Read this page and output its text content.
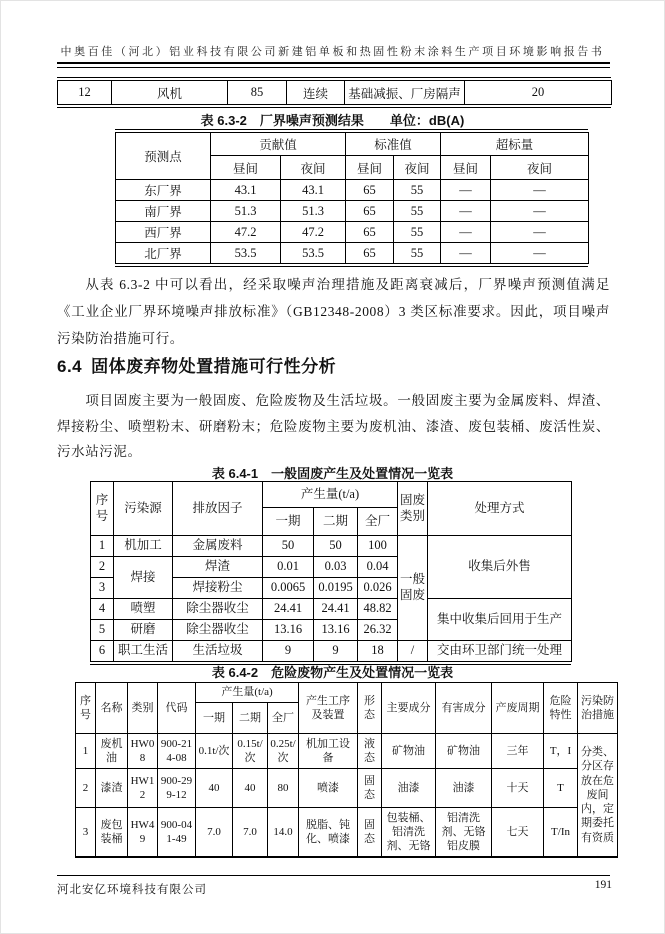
中奥百佳（河北）铝业科技有限公司新建铝单板和热固性粉末涂料生产项目环境影响报告书
12	风机	85	连续	基础减振、厂房隔声	20
表 6.3-2　厂界噪声预测结果 单位：dB(A)
预测点	贡献值		标准值		超标量	
	昼间	夜间	昼间	夜间	昼间	夜间
东厂界	43.1	43.1	65	55	—	—
南厂界	51.3	51.3	65	55	—	—
西厂界	47.2	47.2	65	55	—	—
北厂界	53.5	53.5	65	55	—	—
从表 6.3-2 中可以看出，经采取噪声治理措施及距离衰减后，厂界噪声预测值满足《工业企业厂界环境噪声排放标准》（GB12348-2008）3 类区标准要求。因此，项目噪声污染防治措施可行。
6.4 固体废弃物处置措施可行性分析
项目固废主要为一般固废、危险废物及生活垃圾。一般固废主要为金属废料、焊渣、焊接粉尘、喷塑粉末、研磨粉末；危险废物主要为废机油、漆渣、废包装桶、废活性炭、污水站污泥。
表 6.4-1　一般固废产生及处置情况一览表
序号	污染源	排放因子	产生量(t/a)			固废类别	处理方式
			一期	二期	全厂		
1	机加工	金属废料	50	50	100	一般固废	收集后外售
2	焊接	焊渣	0.01	0.03	0.04		
3		焊接粉尘	0.0065	0.0195	0.026		
4	喷塑	除尘器收尘	24.41	24.41	48.82		集中收集后回用于生产
5	研磨	除尘器收尘	13.16	13.16	26.32		
6	职工生活	生活垃圾	9	9	18	/	交由环卫部门统一处理
表 6.4-2　危险废物产生及处置情况一览表
序号	名称	类别	代码	产生量(t/a)			产生工序及装置	形态	主要成分	有害成分	产废周期	危险特性	污染防治措施
				一期	二期	全厂							
1	废机油	HW08	900-214-08	0.1t/次	0.15t/次	0.25t/次	机加工设备	液态	矿物油	矿物油	三年	T，I	分类、分区存放在危废间内，定期委托有资质
2	漆渣	HW12	900-299-12	40	40	80	喷漆	固态	油漆	油漆	十天	T	
3	废包装桶	HW49	900-041-49	7.0	7.0	14.0	脱脂、钝化、喷漆	固态	包装桶、铝清洗剂、无铬	铝清洗剂、无铬铝皮膜	七天	T/In	
河北安亿环境科技有限公司	191
